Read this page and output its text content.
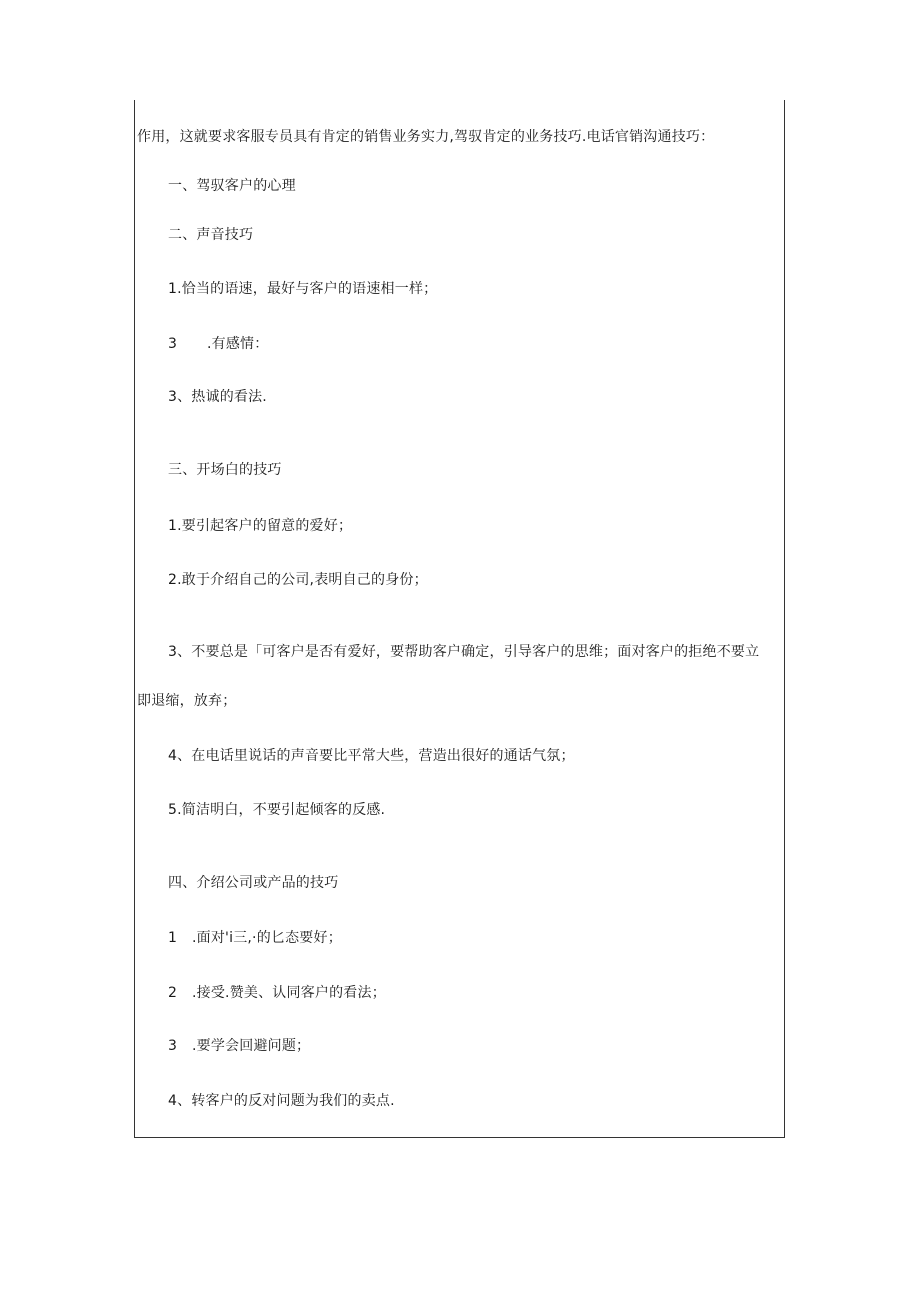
作用，这就要求客服专员具有肯定的销售业务实力,驾驭肯定的业务技巧.电话官销沟通技巧：
一、驾驭客户的心理
二、声音技巧
1.恰当的语速，最好与客户的语速相一样；
3 .有感情：
3、热诚的看法.
三、开场白的技巧
1.要引起客户的留意的爱好；
2.敢于介绍自己的公司,表明自己的身份；
3、不要总是「可客户是否有爱好，要帮助客户确定，引导客户的思维；面对客户的拒绝不要立
即退缩，放弃；
4、在电话里说话的声音要比平常大些，营造出很好的通话气氛；
5.简洁明白，不要引起倾客的反感.
四、介绍公司或产品的技巧
1 .面对'ⅰ三,·的匕态要好；
2 .接受.赞美、认同客户的看法；
3 .要学会回避问题；
4、转客户的反对问题为我们的卖点.
